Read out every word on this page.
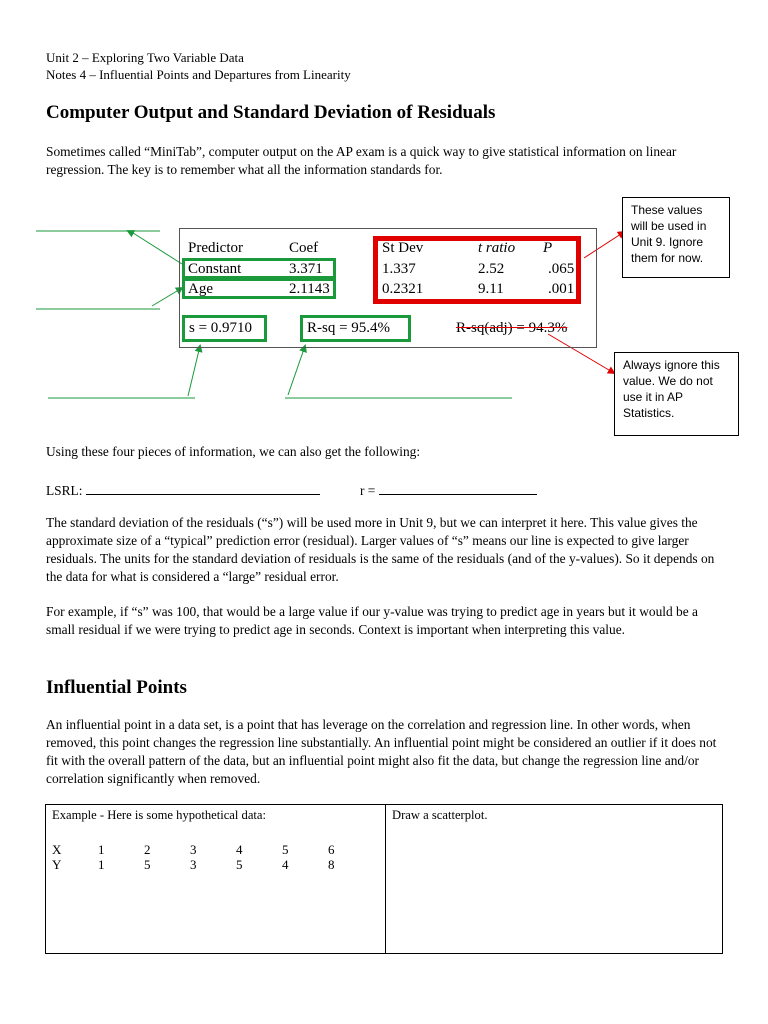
Unit 2 – Exploring Two Variable Data
Notes 4 – Influential Points and Departures from Linearity
Computer Output and Standard Deviation of Residuals
Sometimes called “MiniTab”, computer output on the AP exam is a quick way to give statistical information on linear regression. The key is to remember what all the information standards for.
Predictor	Coef	St Dev	t ratio P
Constant	3.371	1.337	2.52	.065
Age	2.1143	0.2321	9.11	.001
s = 0.9710	R-sq = 95.4%	R-sq(adj) = 94.3%
These values will be used in Unit 9. Ignore them for now.
Always ignore this value. We do not use it in AP Statistics.
Using these four pieces of information, we can also get the following:
LSRL:	r =
The standard deviation of the residuals (“s”) will be used more in Unit 9, but we can interpret it here. This value gives the approximate size of a “typical” prediction error (residual). Larger values of “s” means our line is expected to give larger residuals. The units for the standard deviation of residuals is the same of the residuals (and of the y-values). So it depends on the data for what is considered a “large” residual error.
For example, if “s” was 100, that would be a large value if our y-value was trying to predict age in years but it would be a small residual if we were trying to predict age in seconds. Context is important when interpreting this value.
Influential Points
An influential point in a data set, is a point that has leverage on the correlation and regression line. In other words, when removed, this point changes the regression line substantially. An influential point might be considered an outlier if it does not fit with the overall pattern of the data, but an influential point might also fit the data, but change the regression line and/or correlation significantly when removed.
Example - Here is some hypothetical data:
X	1	2	3	4	5	6
Y	1	5	3	5	4	8

Draw a scatterplot.
